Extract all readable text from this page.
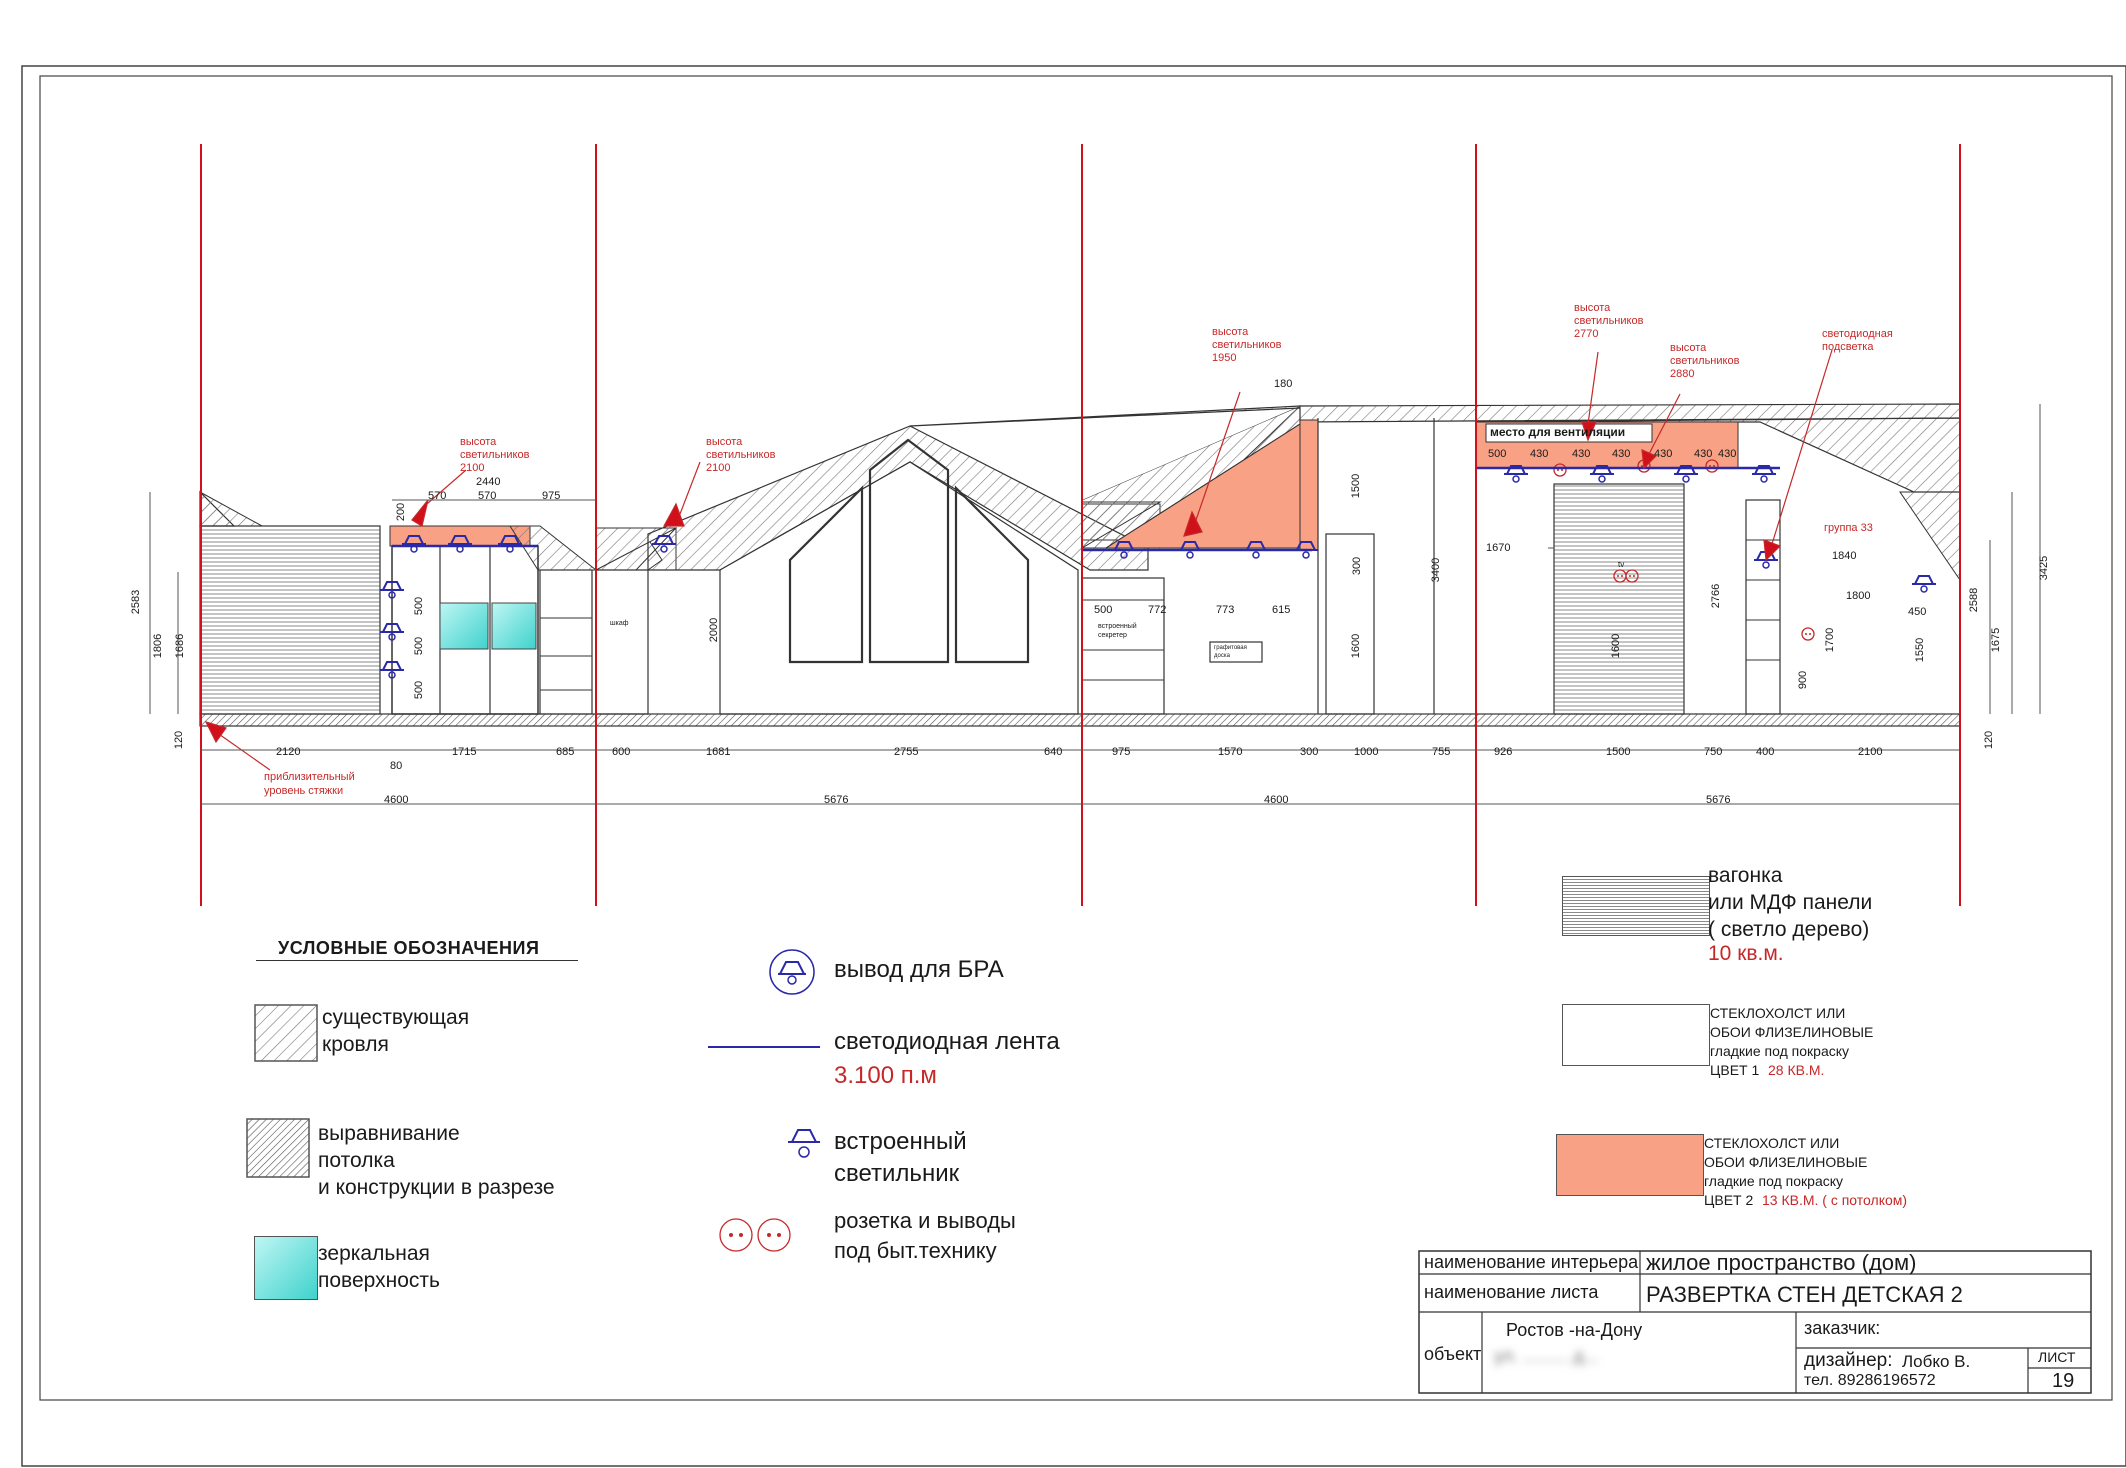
приблизительный
уровень стяжки
высота
светильников
2100
высота
светильников
2100
высота
светильников
1950
высота
светильников
2770
высота
светильников
2880
светодиодная
подсветка
группа 33
место для вентиляции
шкаф	встроенный
секретер
графитовая
доска
tv
2120
80
1715	685	600	1681	2755	640	975	1570	300	1000	755	926	1500	750	400	2100
4600	5676	4600	5676
570	570	975
2440
180
500	772	773	615
500 430 430 430 430 430 430
1670
1840
1800
450
2583
1806 1686
120
200
500
500
500
2000
300
1500
1600
3400
1600
2766
900
1700	1550
2588
1675
3425
120
УСЛОВНЫЕ ОБОЗНАЧЕНИЯ
существующая
кровля
выравнивание
потолка
и конструкции в разрезе
зеркальная
поверхность
вывод для БРА
светодиодная лента
3.100 п.м
встроенный
светильник
розетка и выводы
под быт.технику
вагонка
или МДФ панели
( светло дерево)
10 кв.м.
СТЕКЛОХОЛСТ ИЛИ
ОБОИ ФЛИЗЕЛИНОВЫЕ
гладкие под покраску
ЦВЕТ 1 28 КВ.М.
СТЕКЛОХОЛСТ ИЛИ
ОБОИ ФЛИЗЕЛИНОВЫЕ
гладкие под покраску
ЦВЕТ 2 13 КВ.М. ( с потолком)
наименование интерьера жилое пространство (дом)
наименование листа РАЗВЕРТКА СТЕН ДЕТСКАЯ 2
объект
Ростов -на-Дону
ул. ......... д...
заказчик:
дизайнер: Лобко В.
тел. 89286196572
ЛИСТ
19
